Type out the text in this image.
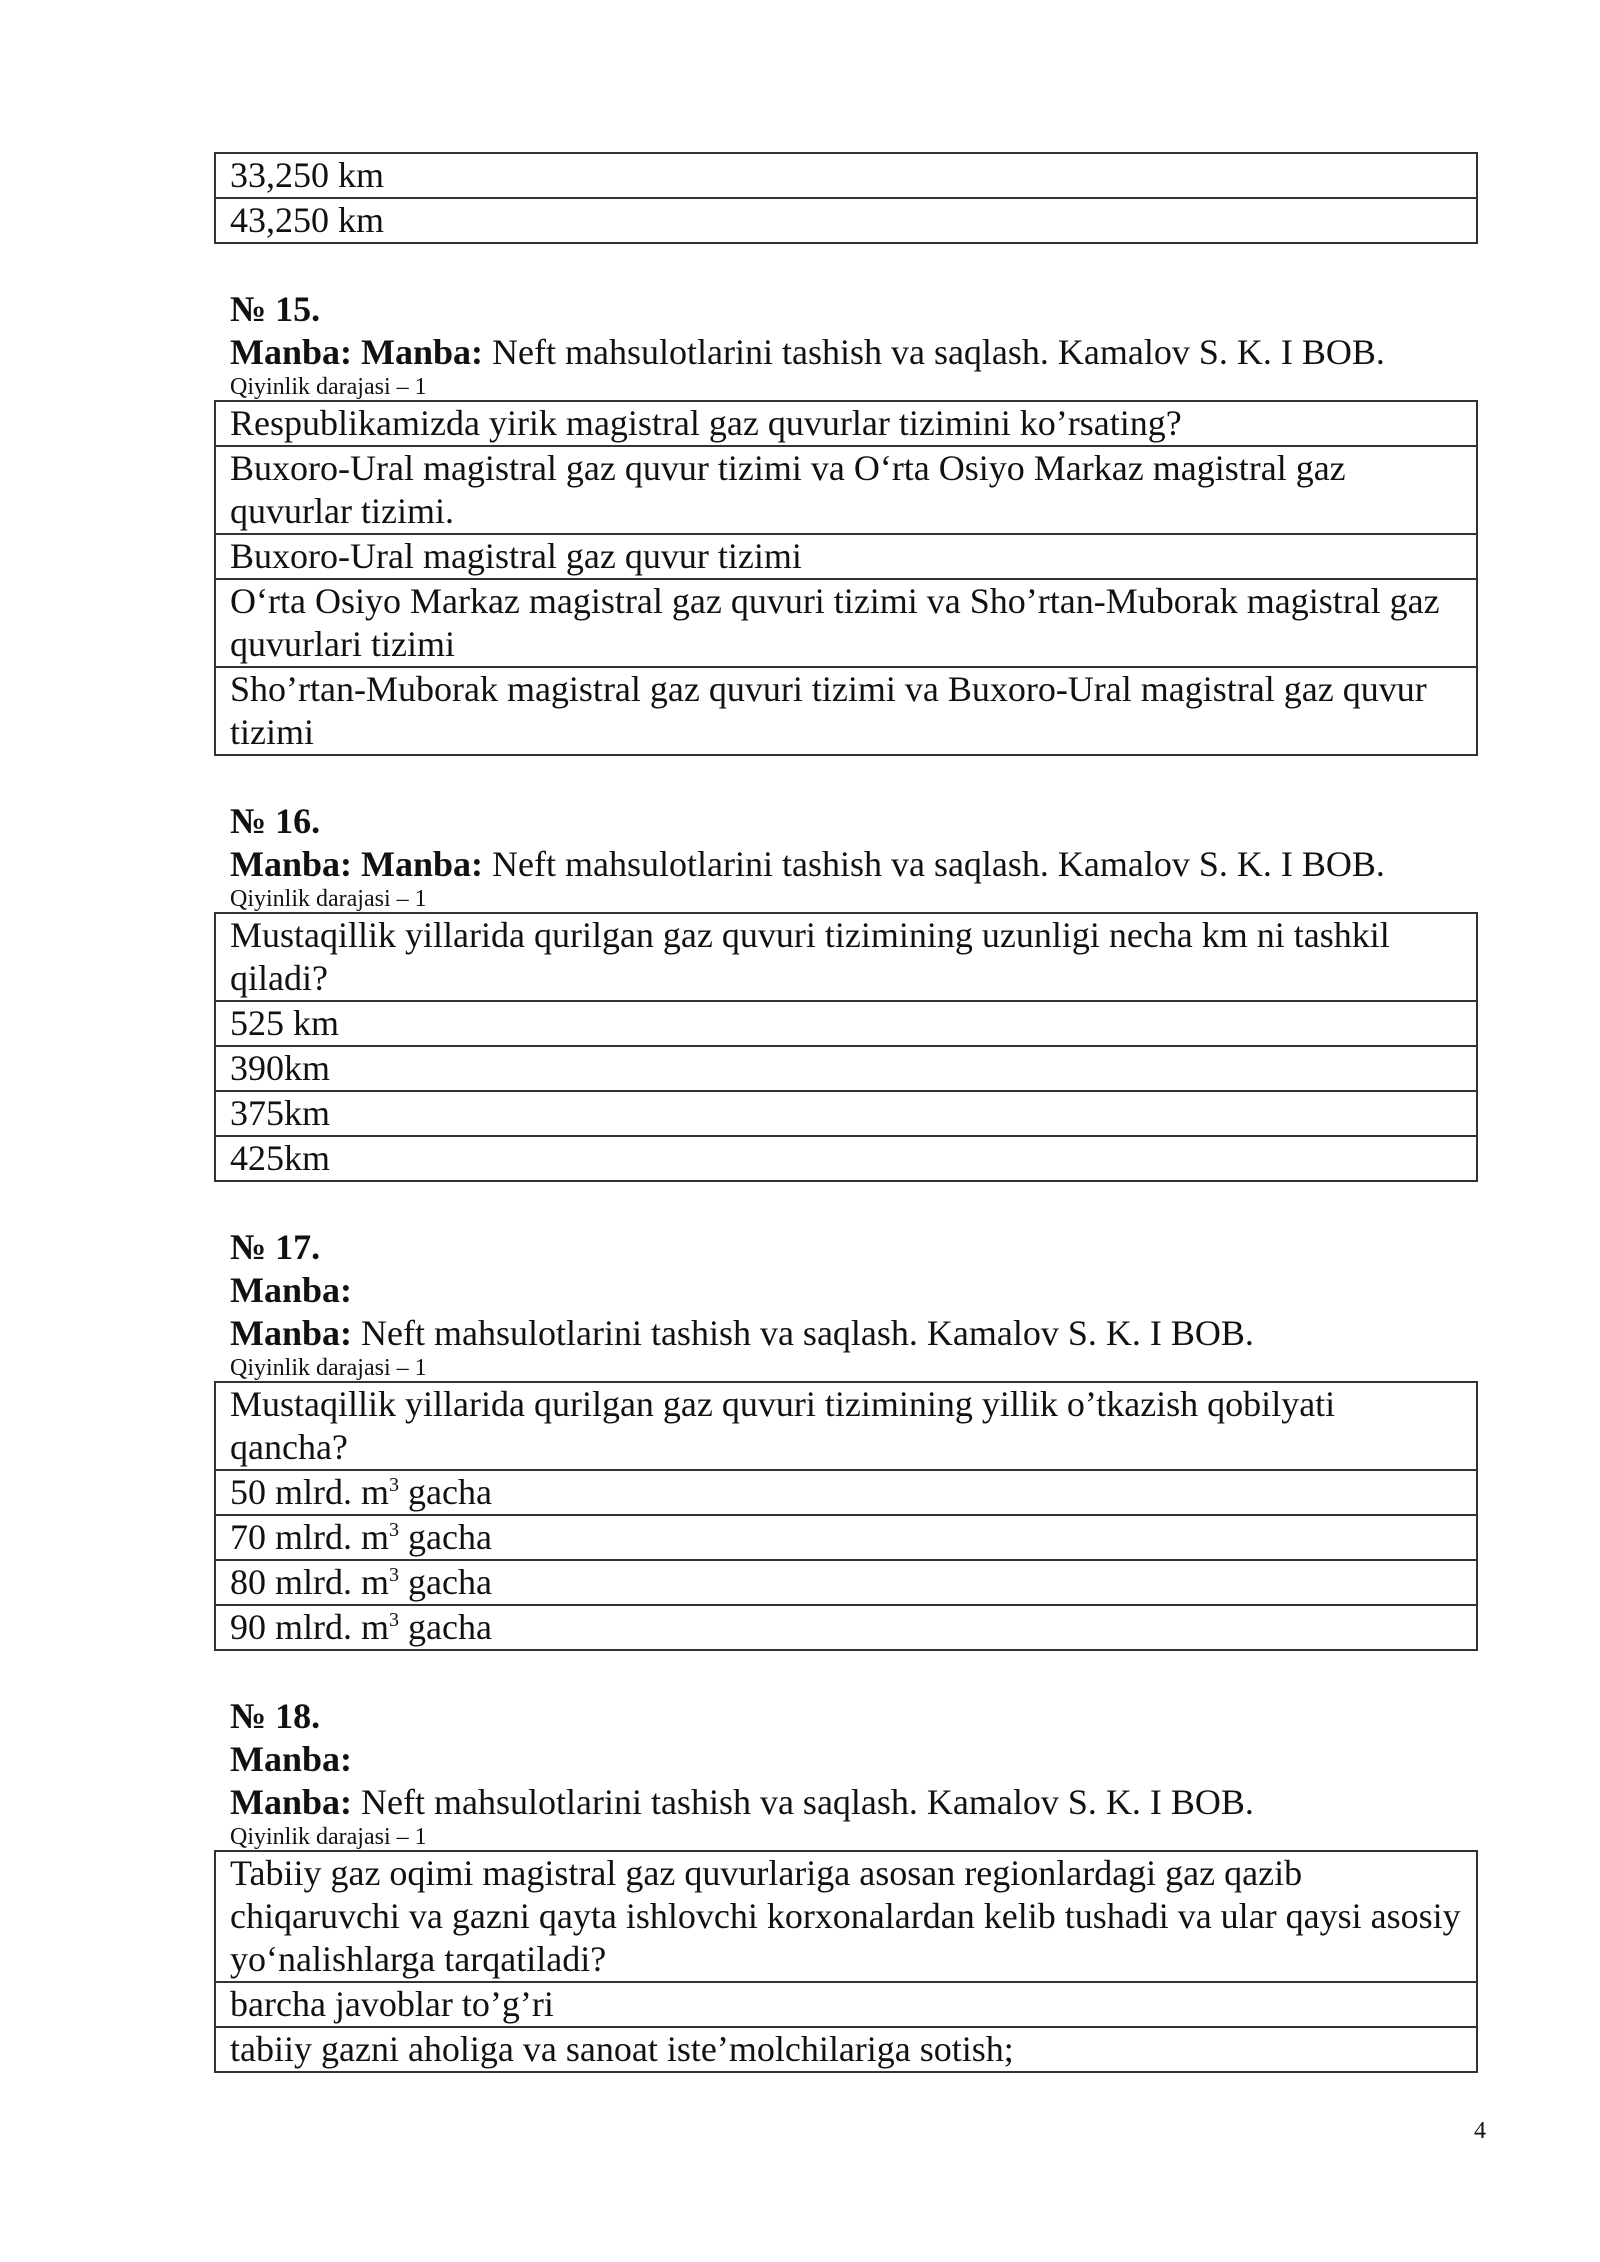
33,250 km
43,250 km
№ 15.
Manba: Manba: Neft mahsulotlarini tashish va saqlash. Kamalov S. K. I BOB.
Qiyinlik darajasi – 1
Respublikamizda yirik magistral gaz quvurlar tizimini ko’rsating?
Buxoro-Ural magistral gaz quvur tizimi va Oʻrta Osiyo Markaz magistral gaz quvurlar tizimi.
Buxoro-Ural magistral gaz quvur tizimi
Oʻrta Osiyo Markaz magistral gaz quvuri tizimi va Sho’rtan-Muborak magistral gaz quvurlari tizimi
Sho’rtan-Muborak magistral gaz quvuri tizimi va Buxoro-Ural magistral gaz quvur tizimi
№ 16.
Manba: Manba: Neft mahsulotlarini tashish va saqlash. Kamalov S. K. I BOB.
Qiyinlik darajasi – 1
Mustaqillik yillarida qurilgan gaz quvuri tizimining uzunligi necha km ni tashkil qiladi?
525 km
390km
375km
425km
№ 17.
Manba:
Manba: Neft mahsulotlarini tashish va saqlash. Kamalov S. K. I BOB.
Qiyinlik darajasi – 1
Mustaqillik yillarida qurilgan gaz quvuri tizimining yillik o’tkazish qobilyati qancha?
50 mlrd. $m^3$ gacha
70 mlrd. $m^3$ gacha
80 mlrd. $m^3$ gacha
90 mlrd. $m^3$ gacha
№ 18.
Manba:
Manba: Neft mahsulotlarini tashish va saqlash. Kamalov S. K. I BOB.
Qiyinlik darajasi – 1
Tabiiy gaz oqimi magistral gaz quvurlariga asosan regionlardagi gaz qazib chiqaruvchi va gazni qayta ishlovchi korxonalardan kelib tushadi va ular qaysi asosiy yoʻnalishlarga tarqatiladi?
barcha javoblar to’g’ri
tabiiy gazni aholiga va sanoat isteʼmolchilariga sotish;
4
